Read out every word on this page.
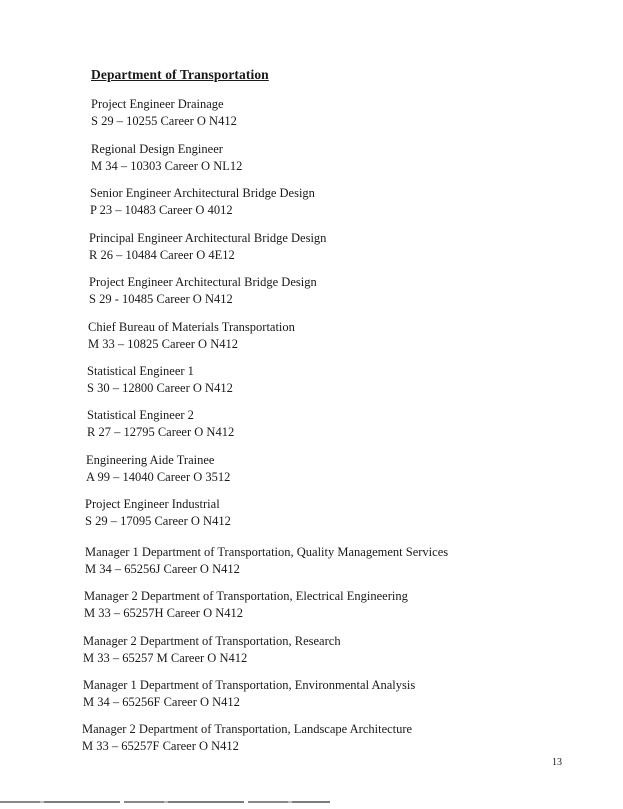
Department of Transportation
Project Engineer Drainage
S 29 – 10255 Career O N412
Regional Design Engineer
M 34 – 10303 Career O NL12
Senior Engineer Architectural Bridge Design
P 23 – 10483 Career O 4012
Principal Engineer Architectural Bridge Design
R 26 – 10484 Career O 4E12
Project Engineer Architectural Bridge Design
S 29 - 10485 Career O N412
Chief Bureau of Materials Transportation
M 33 – 10825 Career O N412
Statistical Engineer 1
S 30 – 12800 Career O N412
Statistical Engineer 2
R 27 – 12795 Career O N412
Engineering Aide Trainee
A 99 – 14040 Career O 3512
Project Engineer Industrial
S 29 – 17095 Career O N412
Manager 1 Department of Transportation, Quality Management Services
M 34 – 65256J Career O N412
Manager 2 Department of Transportation, Electrical Engineering
M 33 – 65257H Career O N412
Manager 2 Department of Transportation, Research
M 33 – 65257 M Career O N412
Manager 1 Department of Transportation, Environmental Analysis
M 34 – 65256F Career O N412
Manager 2 Department of Transportation, Landscape Architecture
M 33 – 65257F Career O N412
13
